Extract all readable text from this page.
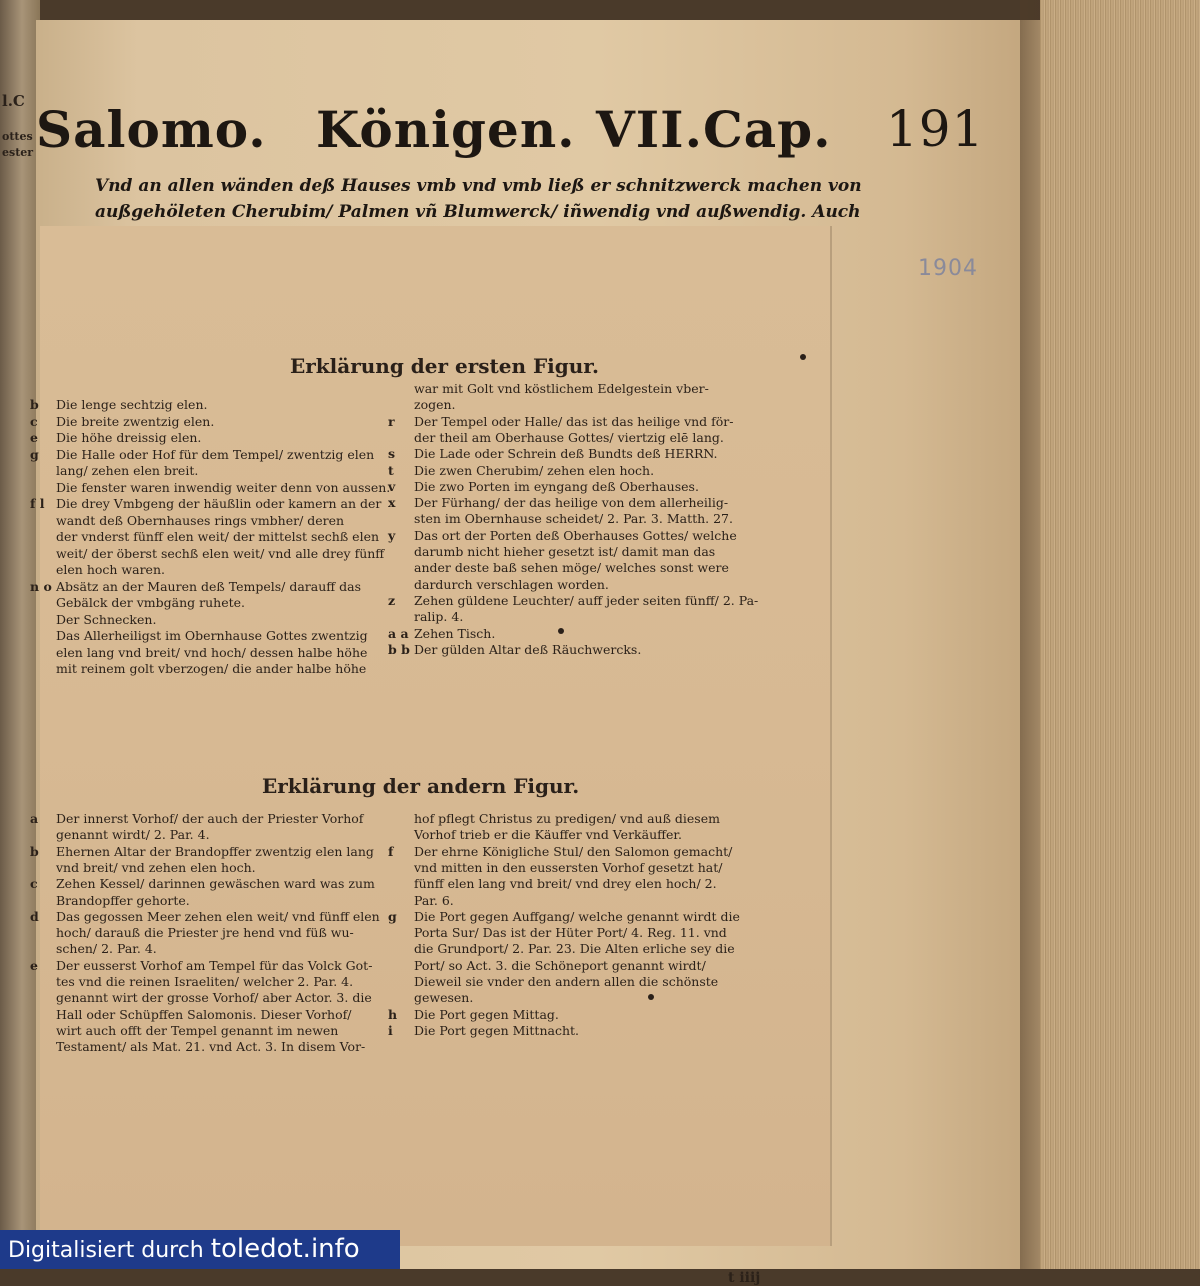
l.C
ottes
ester Salomo. Königen. VII.Cap. 191
Vnd an allen wänden deß Hauses vmb vnd vmb ließ er schnitzwerck machen von
außgehöleten Cherubim/ Palmen vñ Blumwerck/ iñwendig vnd außwendig. Auch
1904
Erklärung der ersten Figur.
b Die lenge sechtzig elen.
c Die breite zwentzig elen.
e Die höhe dreissig elen.
g Die Halle oder Hof für dem Tempel/ zwentzig elen
lang/ zehen elen breit.
Die fenster waren inwendig weiter denn von aussen.
f l Die drey Vmbgeng der häußlin oder kamern an der
wandt deß Obernhauses rings vmbher/ deren
der vnderst fünff elen weit/ der mittelst sechß elen
weit/ der öberst sechß elen weit/ vnd alle drey fünff
elen hoch waren.
n o Absätz an der Mauren deß Tempels/ darauff das
Gebälck der vmbgäng ruhete.
Der Schnecken.
Das Allerheiligst im Obernhause Gottes zwentzig
elen lang vnd breit/ vnd hoch/ dessen halbe höhe
mit reinem golt vberzogen/ die ander halbe höhe
war mit Golt vnd köstlichem Edelgestein vber-
zogen.
r Der Tempel oder Halle/ das ist das heilige vnd för-
der theil am Oberhause Gottes/ viertzig elē lang.
s Die Lade oder Schrein deß Bundts deß HERRN.
t Die zwen Cherubim/ zehen elen hoch.
v Die zwo Porten im eyngang deß Oberhauses.
x Der Fürhang/ der das heilige von dem allerheilig-
sten im Obernhause scheidet/ 2. Par. 3. Matth. 27.
y Das ort der Porten deß Oberhauses Gottes/ welche
darumb nicht hieher gesetzt ist/ damit man das
ander deste baß sehen möge/ welches sonst were
dardurch verschlagen worden.
z Zehen güldene Leuchter/ auff jeder seiten fünff/ 2. Pa-
ralip. 4.
a a Zehen Tisch.
b b Der gülden Altar deß Räuchwercks.
Erklärung der andern Figur.
a Der innerst Vorhof/ der auch der Priester Vorhof
genannt wirdt/ 2. Par. 4.
b Ehernen Altar der Brandopffer zwentzig elen lang
vnd breit/ vnd zehen elen hoch.
c Zehen Kessel/ darinnen gewäschen ward was zum
Brandopffer gehorte.
d Das gegossen Meer zehen elen weit/ vnd fünff elen
hoch/ darauß die Priester jre hend vnd füß wu-
schen/ 2. Par. 4.
e Der eusserst Vorhof am Tempel für das Volck Got-
tes vnd die reinen Israeliten/ welcher 2. Par. 4.
genannt wirt der grosse Vorhof/ aber Actor. 3. die
Hall oder Schüpffen Salomonis. Dieser Vorhof/
wirt auch offt der Tempel genannt im newen
Testament/ als Mat. 21. vnd Act. 3. In disem Vor-
hof pflegt Christus zu predigen/ vnd auß diesem
Vorhof trieb er die Käuffer vnd Verkäuffer.
f Der ehrne Königliche Stul/ den Salomon gemacht/
vnd mitten in den eussersten Vorhof gesetzt hat/
fünff elen lang vnd breit/ vnd drey elen hoch/ 2.
Par. 6.
g Die Port gegen Auffgang/ welche genannt wirdt die
Porta Sur/ Das ist der Hüter Port/ 4. Reg. 11. vnd
die Grundport/ 2. Par. 23. Die Alten erliche sey die
Port/ so Act. 3. die Schöneport genannt wirdt/
Dieweil sie vnder den andern allen die schönste
gewesen.
h Die Port gegen Mittag.
i Die Port gegen Mittnacht.
t iiij
Digitalisiert durch toledot.info
